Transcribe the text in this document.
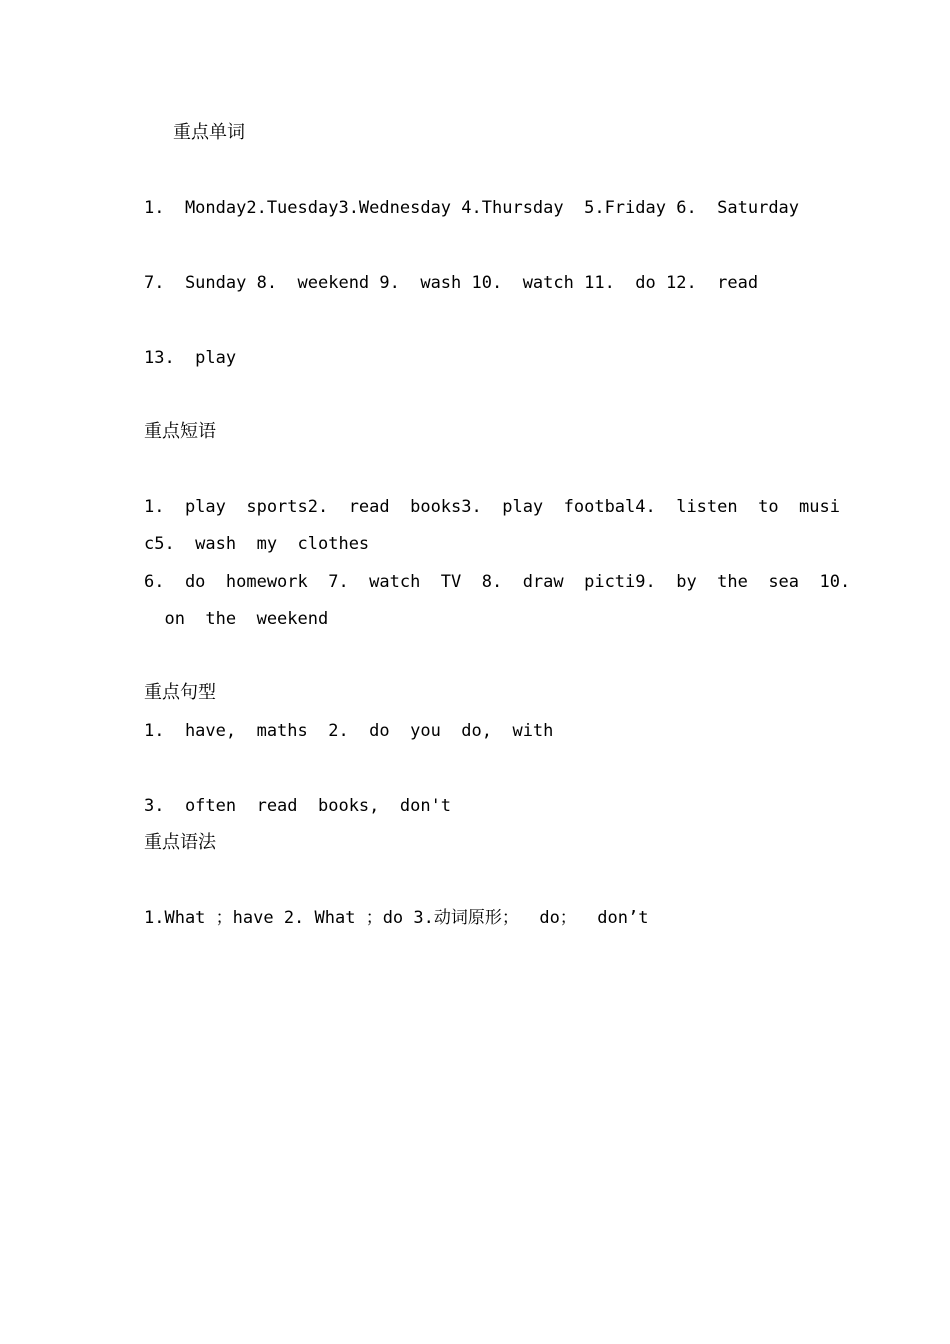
重点单词
1.  Monday2.Tuesday3.Wednesday 4.Thursday  5.Friday 6.  Saturday
7.  Sunday 8.  weekend 9.  wash 10.  watch 11.  do 12.  read
13.  play
重点短语
1.  play  sports2.  read  books3.  play  footbal4.  listen  to  musi
c5.  wash  my  clothes
6.  do  homework  7.  watch  TV  8.  draw  picti9.  by  the  sea  10.
on  the  weekend
重点句型
1.  have,  maths  2.  do  you  do,  with
3.  often  read  books,  don't
重点语法
1.What ；have 2. What ；do 3.动词原形；  do；  don’t
